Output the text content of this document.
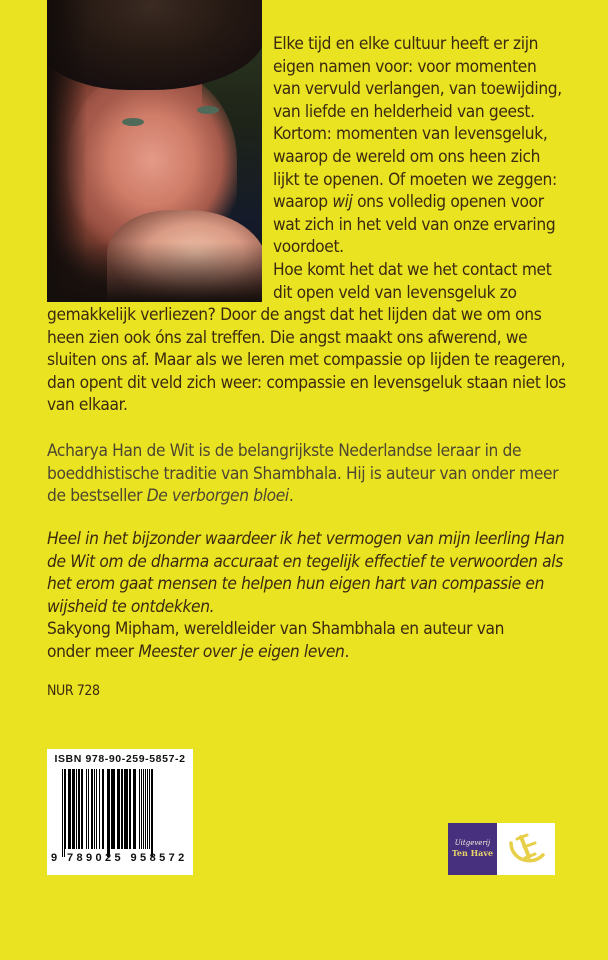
Elke tijd en elke cultuur heeft er zijn
eigen namen voor: voor momenten
van vervuld verlangen, van toewijding,
van liefde en helderheid van geest.
Kortom: momenten van levensgeluk,
waarop de wereld om ons heen zich
lijkt te openen. Of moeten we zeggen:
waarop wij ons volledig openen voor
wat zich in het veld van onze ervaring
voordoet.
Hoe komt het dat we het contact met
dit open veld van levensgeluk zo
gemakkelijk verliezen? Door de angst dat het lijden dat we om ons
heen zien ook óns zal treffen. Die angst maakt ons afwerend, we
sluiten ons af. Maar als we leren met compassie op lijden te reageren,
dan opent dit veld zich weer: compassie en levensgeluk staan niet los
van elkaar.
Acharya Han de Wit is de belangrijkste Nederlandse leraar in de
boeddhistische traditie van Shambhala. Hij is auteur van onder meer
de bestseller De verborgen bloei.
Heel in het bijzonder waardeer ik het vermogen van mijn leerling Han
de Wit om de dharma accuraat en tegelijk effectief te verwoorden als
het erom gaat mensen te helpen hun eigen hart van compassie en
wijsheid te ontdekken.
Sakyong Mipham, wereldleider van Shambhala en auteur van
onder meer Meester over je eigen leven.
NUR 728
ISBN 978-90-259-5857-2
9 789025 958572
Uitgeverij
Ten Have
